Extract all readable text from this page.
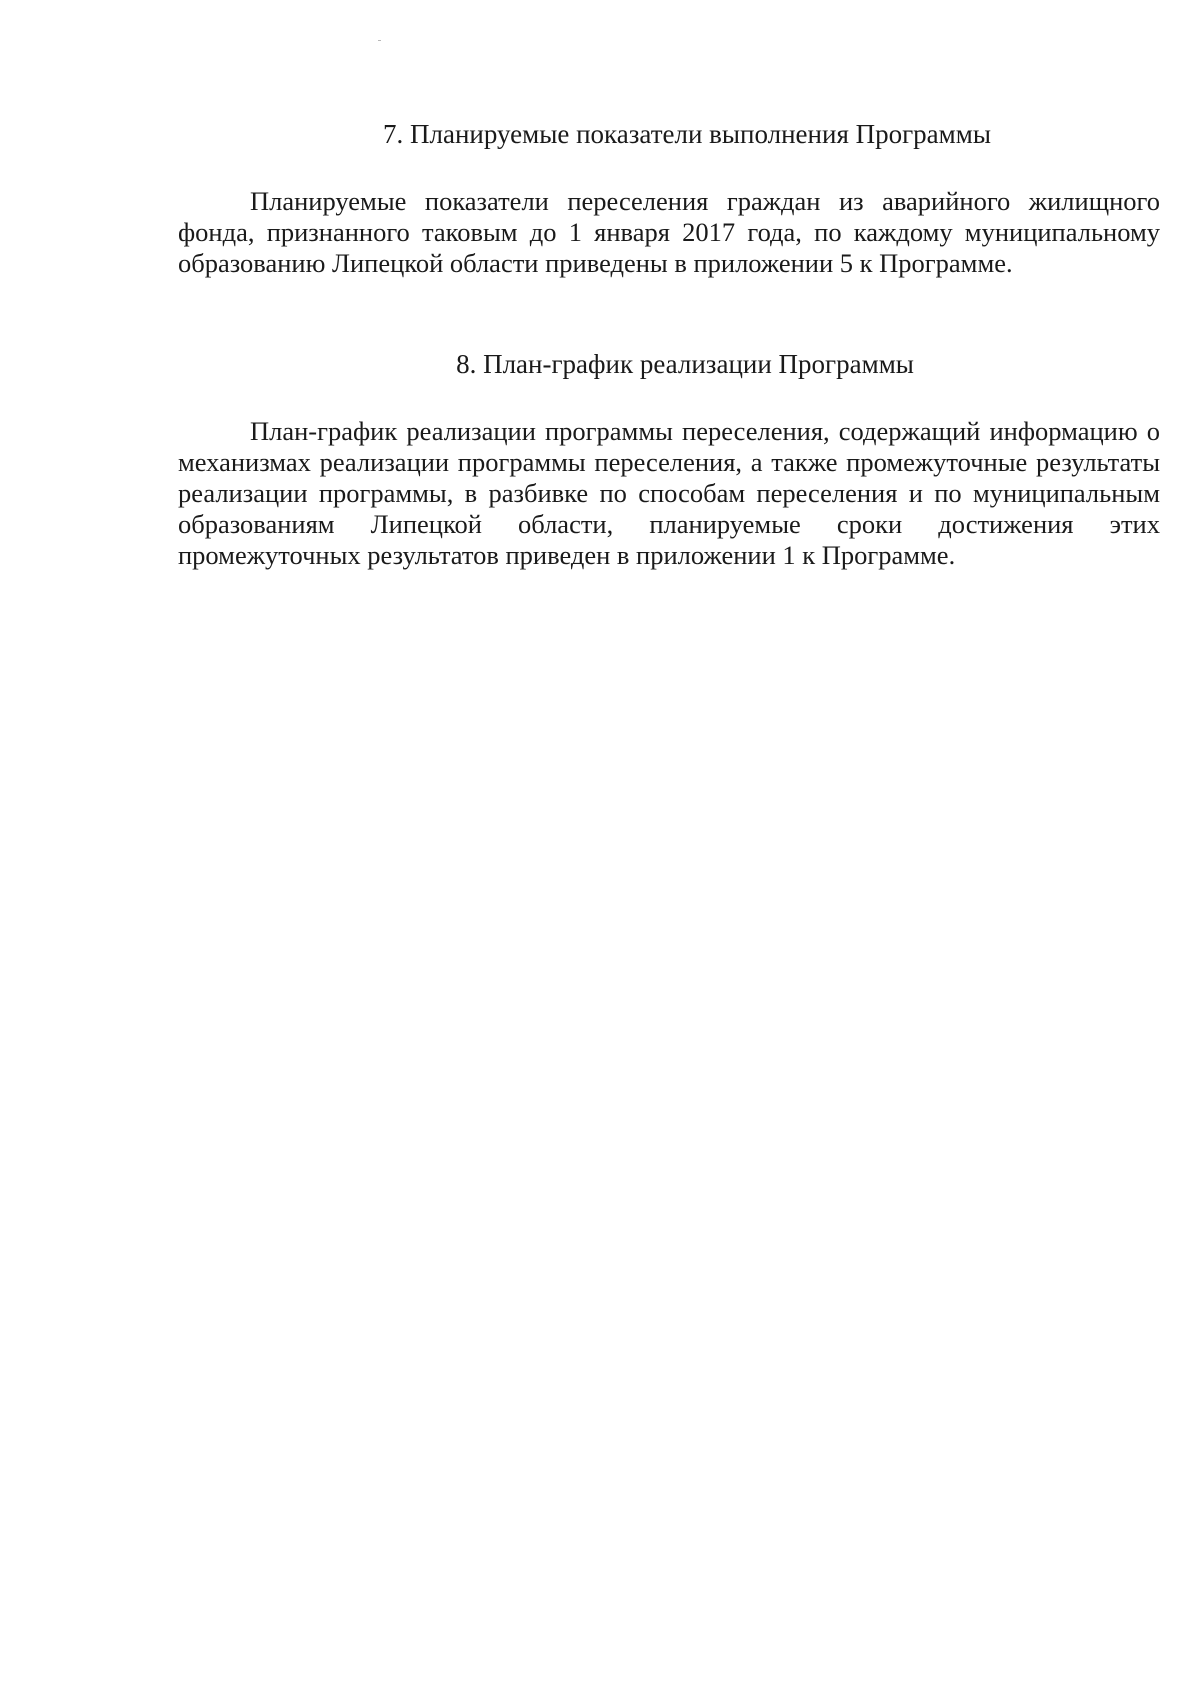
7. Планируемые показатели выполнения Программы

Планируемые показатели переселения граждан из аварийного жилищного фонда, признанного таковым до 1 января 2017 года, по каждому муниципальному образованию Липецкой области приведены в приложении 5 к Программе.

8. План-график реализации Программы

План-график реализации программы переселения, содержащий информацию о механизмах реализации программы переселения, а также промежуточные результаты реализации программы, в разбивке по способам переселения и по муниципальным образованиям Липецкой области, планируемые сроки достижения этих промежуточных результатов приведен в приложении 1 к Программе.
